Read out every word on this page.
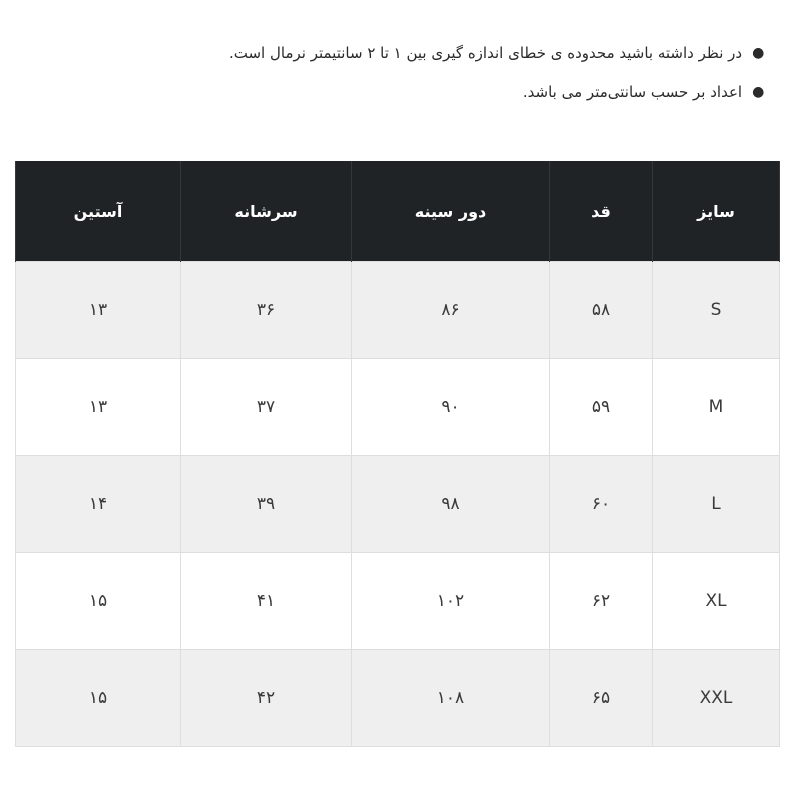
●
در نظر داشته باشید محدوده ی خطای اندازه گیری بین ۱ تا ۲ سانتیمتر نرمال است.
●
اعداد بر حسب سانتی‌متر می باشد.
سایز	قد	دور سینه	سرشانه	آستین
S	۵۸	۸۶	۳۶	۱۳
M	۵۹	۹۰	۳۷	۱۳
L	۶۰	۹۸	۳۹	۱۴
XL	۶۲	۱۰۲	۴۱	۱۵
XXL	۶۵	۱۰۸	۴۲	۱۵
